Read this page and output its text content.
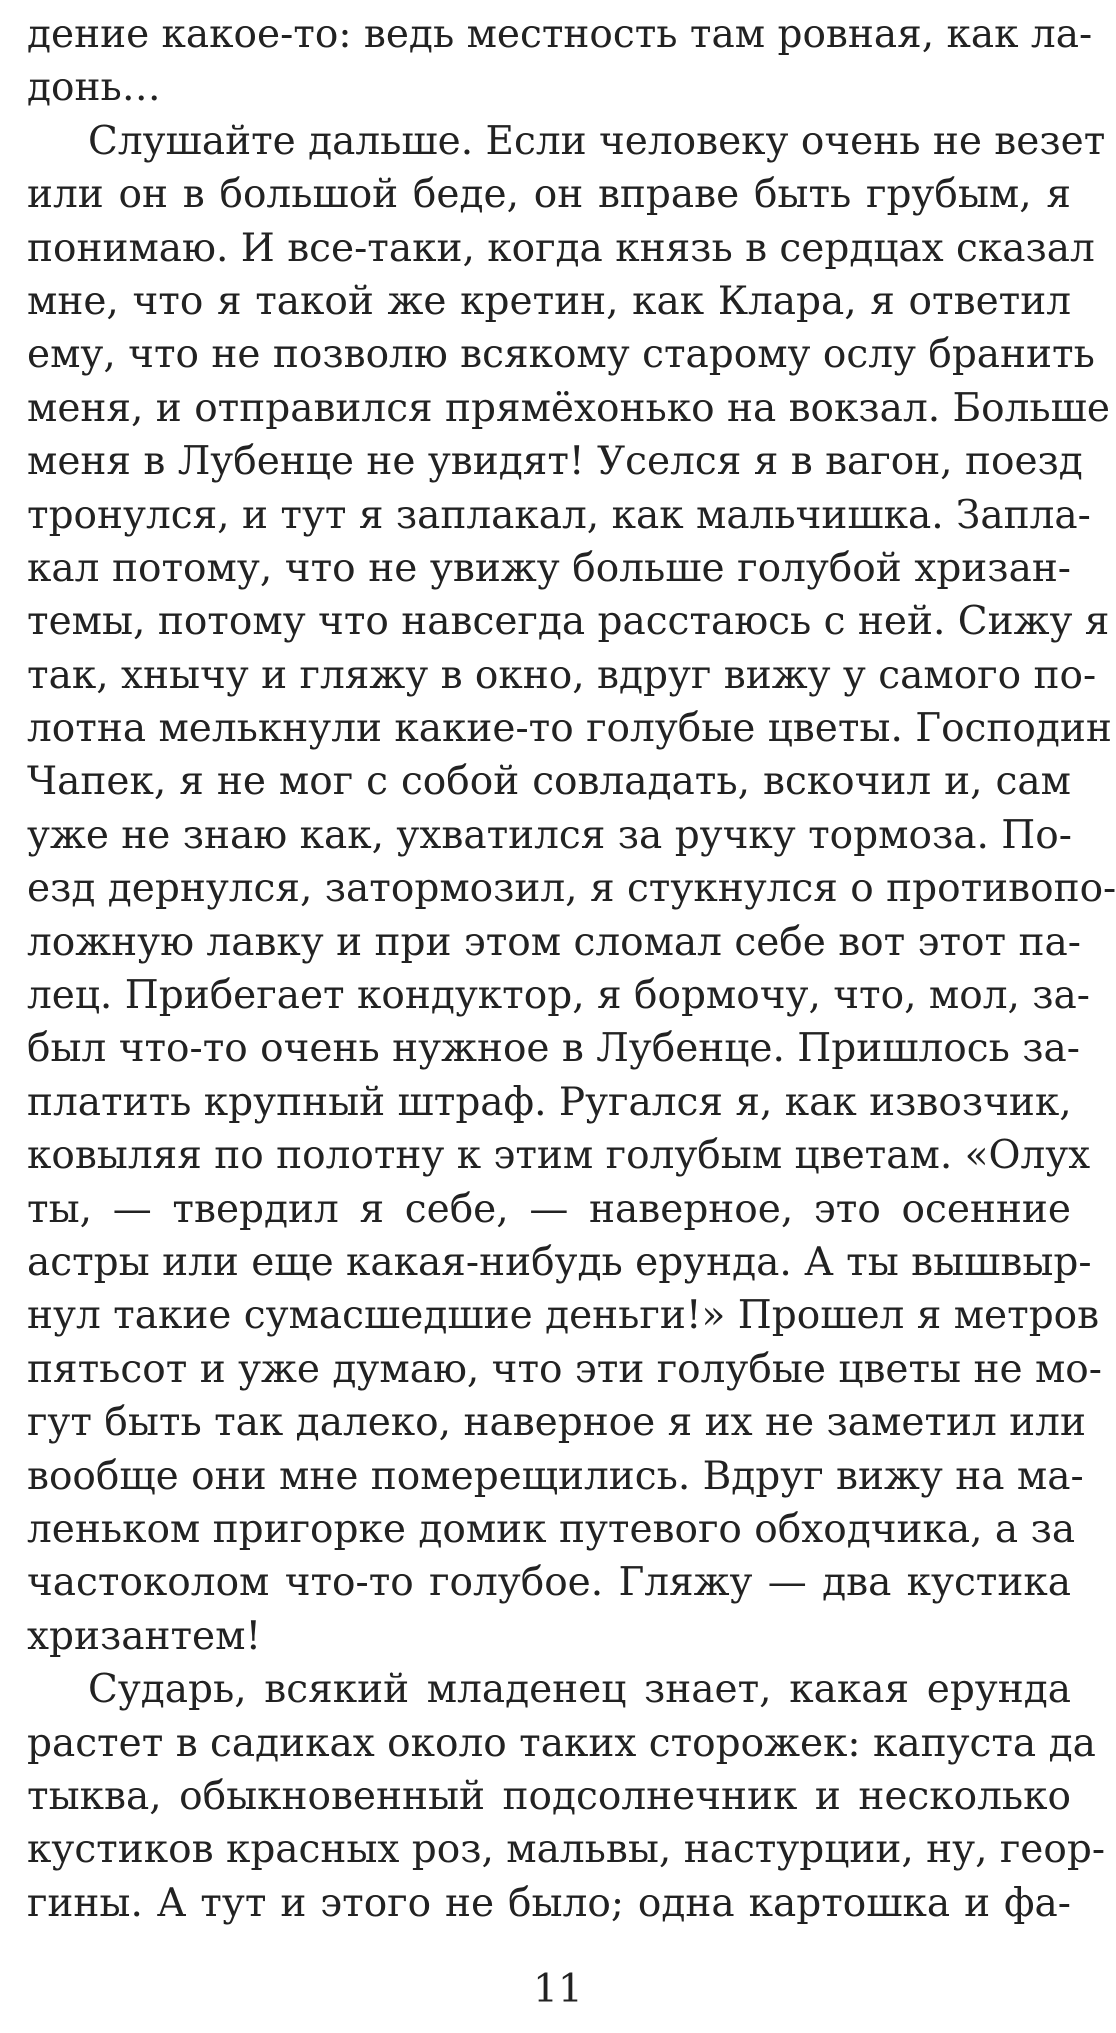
дение какое-то: ведь местность там ровная, как ла-
донь…
Слушайте дальше. Если человеку очень не везет
или он в большой беде, он вправе быть грубым, я
понимаю. И все-таки, когда князь в сердцах сказал
мне, что я такой же кретин, как Клара, я ответил
ему, что не позволю всякому старому ослу бранить
меня, и отправился прямёхонько на вокзал. Больше
меня в Лубенце не увидят! Уселся я в вагон, поезд
тронулся, и тут я заплакал, как мальчишка. Запла-
кал потому, что не увижу больше голубой хризан-
темы, потому что навсегда расстаюсь с ней. Сижу я
так, хнычу и гляжу в окно, вдруг вижу у самого по-
лотна мелькнули какие-то голубые цветы. Господин
Чапек, я не мог с собой совладать, вскочил и, сам
уже не знаю как, ухватился за ручку тормоза. По-
езд дернулся, затормозил, я стукнулся о противопо-
ложную лавку и при этом сломал себе вот этот па-
лец. Прибегает кондуктор, я бормочу, что, мол, за-
был что-то очень нужное в Лубенце. Пришлось за-
платить крупный штраф. Ругался я, как извозчик,
ковыляя по полотну к этим голубым цветам. «Олух
ты, — твердил я себе, — наверное, это осенние
астры или еще какая-нибудь ерунда. А ты вышвыр-
нул такие сумасшедшие деньги!» Прошел я метров
пятьсот и уже думаю, что эти голубые цветы не мо-
гут быть так далеко, наверное я их не заметил или
вообще они мне померещились. Вдруг вижу на ма-
леньком пригорке домик путевого обходчика, а за
частоколом что-то голубое. Гляжу — два кустика
хризантем!
Сударь, всякий младенец знает, какая ерунда
растет в садиках около таких сторожек: капуста да
тыква, обыкновенный подсолнечник и несколько
кустиков красных роз, мальвы, настурции, ну, геор-
гины. А тут и этого не было; одна картошка и фа-
11
